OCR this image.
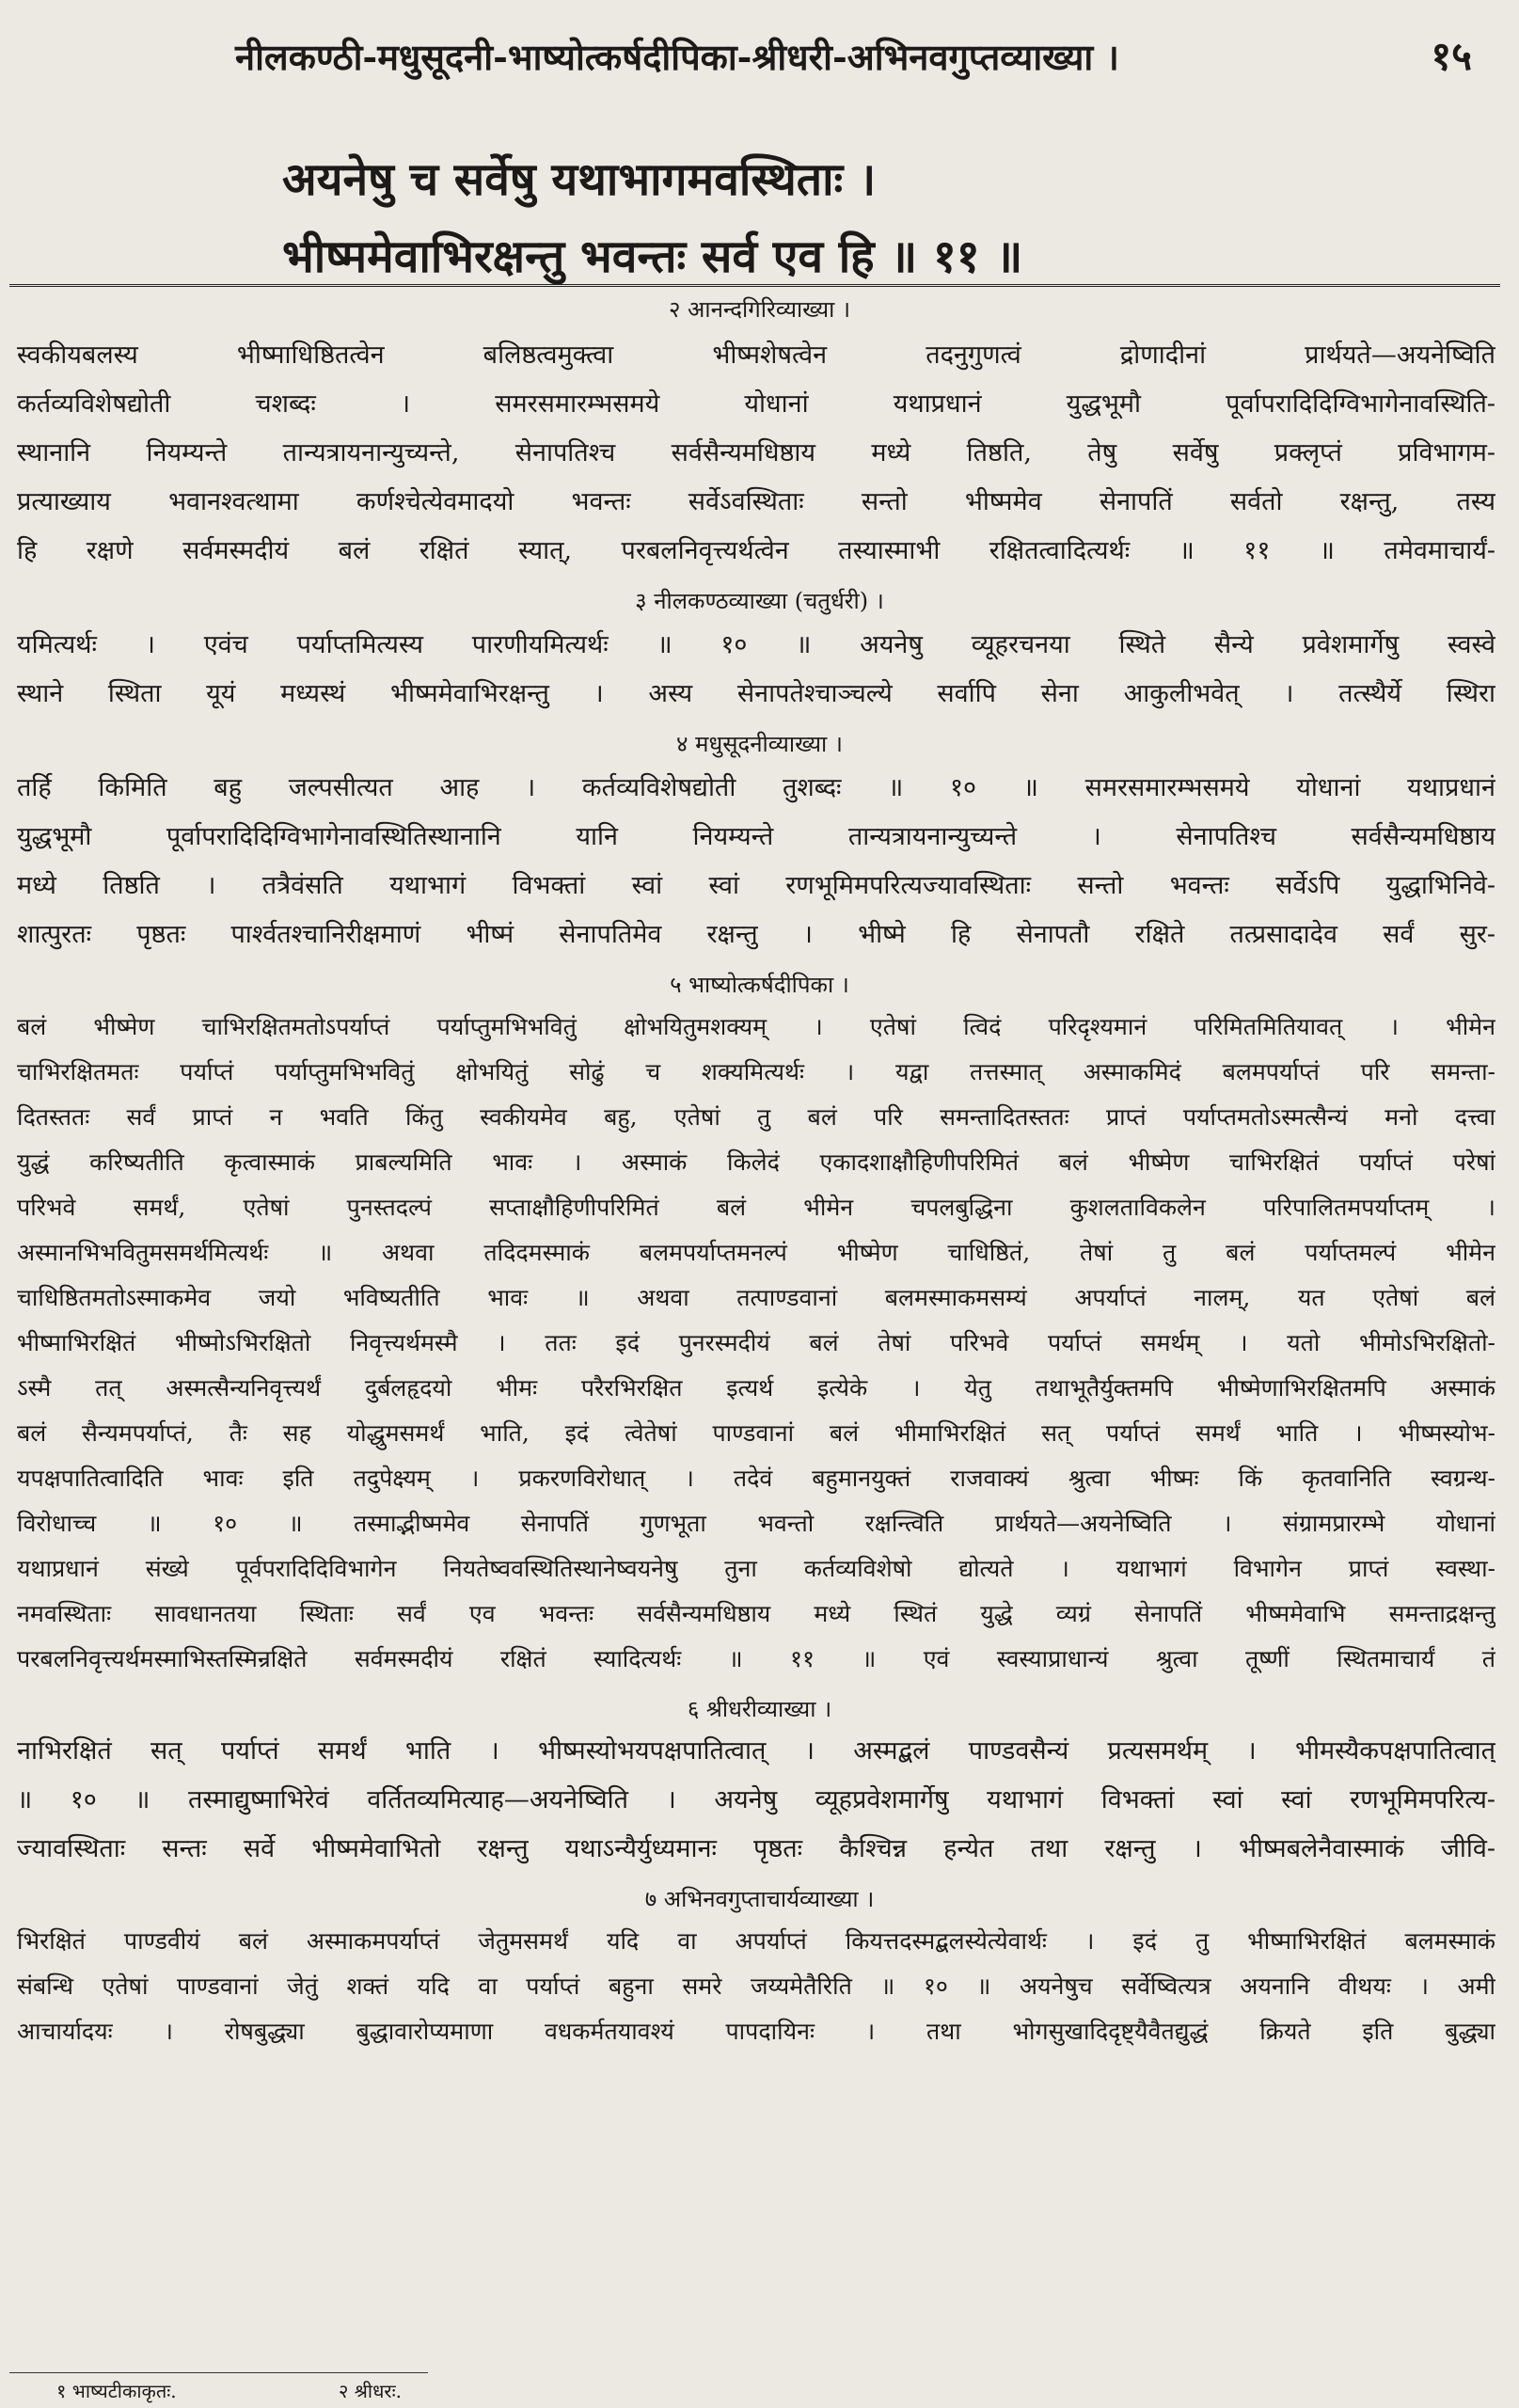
नीलकण्ठी-मधुसूदनी-भाष्योत्कर्षदीपिका-श्रीधरी-अभिनवगुप्तव्याख्या ।	१५
अयनेषु च सर्वेषु यथाभागमवस्थिताः ।
भीष्ममेवाभिरक्षन्तु भवन्तः सर्व एव हि ॥ ११ ॥
२ आनन्दगिरिव्याख्या ।
स्वकीयबलस्य भीष्माधिष्ठितत्वेन बलिष्ठत्वमुक्त्वा भीष्मशेषत्वेन तदनुगुणत्वं द्रोणादीनां प्रार्थयते—अयनेष्विति
कर्तव्यविशेषद्योती चशब्दः । समरसमारम्भसमये योधानां यथाप्रधानं युद्धभूमौ पूर्वापरादिदिग्विभागेनावस्थिति-
स्थानानि नियम्यन्ते तान्यत्रायनान्युच्यन्ते, सेनापतिश्च सर्वसैन्यमधिष्ठाय मध्ये तिष्ठति, तेषु सर्वेषु प्रक्लृप्तं प्रविभागम-
प्रत्याख्याय भवानश्वत्थामा कर्णश्चेत्येवमादयो भवन्तः सर्वेऽवस्थिताः सन्तो भीष्ममेव सेनापतिं सर्वतो रक्षन्तु, तस्य
हि रक्षणे सर्वमस्मदीयं बलं रक्षितं स्यात्, परबलनिवृत्त्यर्थत्वेन तस्यास्माभी रक्षितत्वादित्यर्थः ॥ ११ ॥ तमेवमाचार्यं-
३ नीलकण्ठव्याख्या (चतुर्धरी) ।
यमित्यर्थः । एवंच पर्याप्तमित्यस्य पारणीयमित्यर्थः ॥ १० ॥ अयनेषु व्यूहरचनया स्थिते सैन्ये प्रवेशमार्गेषु स्वस्वे
स्थाने स्थिता यूयं मध्यस्थं भीष्ममेवाभिरक्षन्तु । अस्य सेनापतेश्चाञ्चल्ये सर्वापि सेना आकुलीभवेत् । तत्स्थैर्ये स्थिरा
४ मधुसूदनीव्याख्या ।
तर्हि किमिति बहु जल्पसीत्यत आह । कर्तव्यविशेषद्योती तुशब्दः ॥ १० ॥ समरसमारम्भसमये योधानां यथाप्रधानं
युद्धभूमौ पूर्वापरादिदिग्विभागेनावस्थितिस्थानानि यानि नियम्यन्ते तान्यत्रायनान्युच्यन्ते । सेनापतिश्च सर्वसैन्यमधिष्ठाय
मध्ये तिष्ठति । तत्रैवंसति यथाभागं विभक्तां स्वां स्वां रणभूमिमपरित्यज्यावस्थिताः सन्तो भवन्तः सर्वेऽपि युद्धाभिनिवे-
शात्पुरतः पृष्ठतः पार्श्वतश्चानिरीक्षमाणं भीष्मं सेनापतिमेव रक्षन्तु । भीष्मे हि सेनापतौ रक्षिते तत्प्रसादादेव सर्वं सुर-
५ भाष्योत्कर्षदीपिका ।
बलं भीष्मेण चाभिरक्षितमतोऽपर्याप्तं पर्याप्तुमभिभवितुं क्षोभयितुमशक्यम् । एतेषां त्विदं परिदृश्यमानं परिमितमितियावत् । भीमेन
चाभिरक्षितमतः पर्याप्तं पर्याप्तुमभिभवितुं क्षोभयितुं सोढुं च शक्यमित्यर्थः । यद्वा तत्तस्मात् अस्माकमिदं बलमपर्याप्तं परि समन्ता-
दितस्ततः सर्वं प्राप्तं न भवति किंतु स्वकीयमेव बहु, एतेषां तु बलं परि समन्तादितस्ततः प्राप्तं पर्याप्तमतोऽस्मत्सैन्यं मनो दत्त्वा
युद्धं करिष्यतीति कृत्वास्माकं प्राबल्यमिति भावः । अस्माकं किलेदं एकादशाक्षौहिणीपरिमितं बलं भीष्मेण चाभिरक्षितं पर्याप्तं परेषां
परिभवे समर्थं, एतेषां पुनस्तदल्पं सप्ताक्षौहिणीपरिमितं बलं भीमेन चपलबुद्धिना कुशलताविकलेन परिपालितमपर्याप्तम् ।
अस्मानभिभवितुमसमर्थमित्यर्थः ॥ अथवा तदिदमस्माकं बलमपर्याप्तमनल्पं भीष्मेण चाधिष्ठितं, तेषां तु बलं पर्याप्तमल्पं भीमेन
चाधिष्ठितमतोऽस्माकमेव जयो भविष्यतीति भावः ॥ अथवा तत्पाण्डवानां बलमस्माकमसम्यं अपर्याप्तं नालम्, यत एतेषां बलं
भीष्माभिरक्षितं भीष्मोऽभिरक्षितो निवृत्त्यर्थमस्मै । ततः इदं पुनरस्मदीयं बलं तेषां परिभवे पर्याप्तं समर्थम् । यतो भीमोऽभिरक्षितो-
ऽस्मै तत् अस्मत्सैन्यनिवृत्त्यर्थं दुर्बलहृदयो भीमः परैरभिरक्षित इत्यर्थ इत्येके । येतु तथाभूतैर्युक्तमपि भीष्मेणाभिरक्षितमपि अस्माकं
बलं सैन्यमपर्याप्तं, तैः सह योद्धुमसमर्थं भाति, इदं त्वेतेषां पाण्डवानां बलं भीमाभिरक्षितं सत् पर्याप्तं समर्थं भाति । भीष्मस्योभ-
यपक्षपातित्वादिति भावः इति तदुपेक्ष्यम् । प्रकरणविरोधात् । तदेवं बहुमानयुक्तं राजवाक्यं श्रुत्वा भीष्मः किं कृतवानिति स्वग्रन्थ-
विरोधाच्च ॥ १० ॥ तस्माद्भीष्ममेव सेनापतिं गुणभूता भवन्तो रक्षन्त्विति प्रार्थयते—अयनेष्विति । संग्रामप्रारम्भे योधानां
यथाप्रधानं संख्ये पूर्वपरादिदिविभागेन नियतेष्ववस्थितिस्थानेष्वयनेषु तुना कर्तव्यविशेषो द्योत्यते । यथाभागं विभागेन प्राप्तं स्वस्था-
नमवस्थिताः सावधानतया स्थिताः सर्वं एव भवन्तः सर्वसैन्यमधिष्ठाय मध्ये स्थितं युद्धे व्यग्रं सेनापतिं भीष्ममेवाभि समन्ताद्रक्षन्तु
परबलनिवृत्त्यर्थमस्माभिस्तस्मिन्रक्षिते सर्वमस्मदीयं रक्षितं स्यादित्यर्थः ॥ ११ ॥ एवं स्वस्याप्राधान्यं श्रुत्वा तूष्णीं स्थितमाचार्यं तं
६ श्रीधरीव्याख्या ।
नाभिरक्षितं सत् पर्याप्तं समर्थं भाति । भीष्मस्योभयपक्षपातित्वात् । अस्मद्बलं पाण्डवसैन्यं प्रत्यसमर्थम् । भीमस्यैकपक्षपातित्वात्
॥ १० ॥ तस्माद्युष्माभिरेवं वर्तितव्यमित्याह—अयनेष्विति । अयनेषु व्यूहप्रवेशमार्गेषु यथाभागं विभक्तां स्वां स्वां रणभूमिमपरित्य-
ज्यावस्थिताः सन्तः सर्वे भीष्ममेवाभितो रक्षन्तु यथाऽन्यैर्युध्यमानः पृष्ठतः कैश्चिन्न हन्येत तथा रक्षन्तु । भीष्मबलेनैवास्माकं जीवि-
७ अभिनवगुप्ताचार्यव्याख्या ।
भिरक्षितं पाण्डवीयं बलं अस्माकमपर्याप्तं जेतुमसमर्थं यदि वा अपर्याप्तं कियत्तदस्मद्बलस्येत्येवार्थः । इदं तु भीष्माभिरक्षितं बलमस्माकं
संबन्धि एतेषां पाण्डवानां जेतुं शक्तं यदि वा पर्याप्तं बहुना समरे जय्यमेतैरिति ॥ १० ॥ अयनेषुच सर्वेष्वित्यत्र अयनानि वीथयः । अमी
आचार्यादयः । रोषबुद्ध्या बुद्धावारोप्यमाणा वधकर्मतयावश्यं पापदायिनः । तथा भोगसुखादिदृष्ट्यैवैतद्युद्धं क्रियते इति बुद्ध्या
१ भाष्यटीकाकृतः.	२ श्रीधरः.
